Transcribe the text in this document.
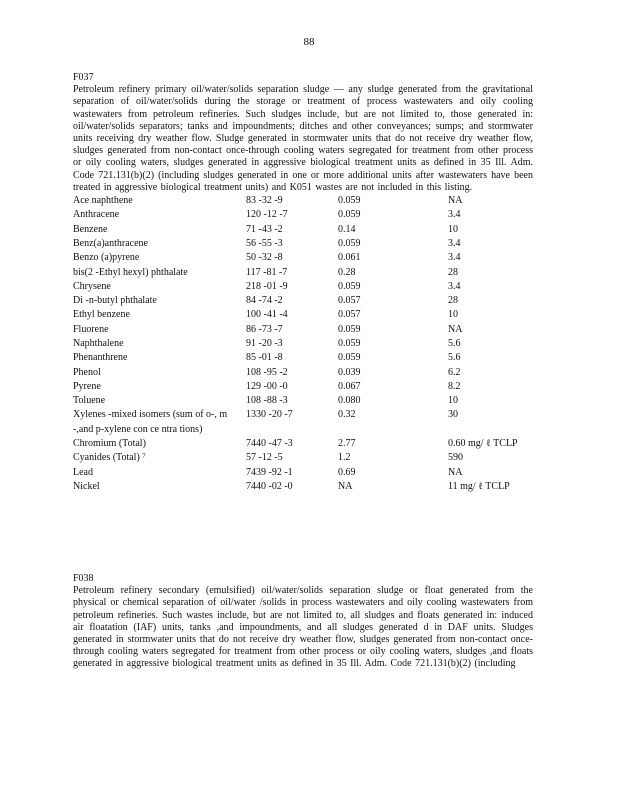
88
F037
Petroleum refinery primary oil/water/solids separation sludge — any sludge generated from the gravitational separation of oil/water/solids during the storage or treatment of process wastewaters and oily cooling wastewaters from petroleum refineries. Such sludges include, but are not limited to, those generated in: oil/water/solids separators; tanks and impoundments; ditches and other conveyances; sumps; and stormwater units receiving dry weather flow. Sludge generated in stormwater units that do not receive dry weather flow, sludges generated from non-contact once-through cooling waters segregated for treatment from other process or oily cooling waters, sludges generated in aggressive biological treatment units as defined in 35 Ill. Adm. Code 721.131(b)(2) (including sludges generated in one or more additional units after wastewaters have been treated in aggressive biological treatment units) and K051 wastes are not included in this listing.
Ace naphthene	83 -32 -9	0.059	NA
Anthracene	120 -12 -7	0.059	3.4
Benzene	71 -43 -2	0.14	10
Benz(a)anthracene	56 -55 -3	0.059	3.4
Benzo (a)pyrene	50 -32 -8	0.061	3.4
bis(2 -Ethyl hexyl) phthalate	117 -81 -7	0.28	28
Chrysene	218 -01 -9	0.059	3.4
Di -n-butyl phthalate	84 -74 -2	0.057	28
Ethyl benzene	100 -41 -4	0.057	10
Fluorene	86 -73 -7	0.059	NA
Naphthalene	91 -20 -3	0.059	5.6
Phenanthrene	85 -01 -8	0.059	5.6
Phenol	108 -95 -2	0.039	6.2
Pyrene	129 -00 -0	0.067	8.2
Toluene	108 -88 -3	0.080	10
Xylenes -mixed isomers (sum of o-, m -,and p-xylene con ce ntra tions)	1330 -20 -7	0.32	30
Chromium (Total)	7440 -47 -3	2.77	0.60 mg/ ℓ TCLP
Cyanides (Total) ⁷	57 -12 -5	1.2	590
Lead	7439 -92 -1	0.69	NA
Nickel	7440 -02 -0	NA	11 mg/ ℓ TCLP
F038
Petroleum refinery secondary (emulsified) oil/water/solids separation sludge or float generated from the physical or chemical separation of oil/water /solids in process wastewaters and oily cooling wastewaters from petroleum refineries. Such wastes include, but are not limited to, all sludges and floats generated in: induced air floatation (IAF) units, tanks ,and impoundments, and all sludges generated d in DAF units. Sludges generated in stormwater units that do not receive dry weather flow, sludges generated from non-contact once-through cooling waters segregated for treatment from other process or oily cooling waters, sludges ,and floats generated in aggressive biological treatment units as defined in 35 Ill. Adm. Code 721.131(b)(2) (including
